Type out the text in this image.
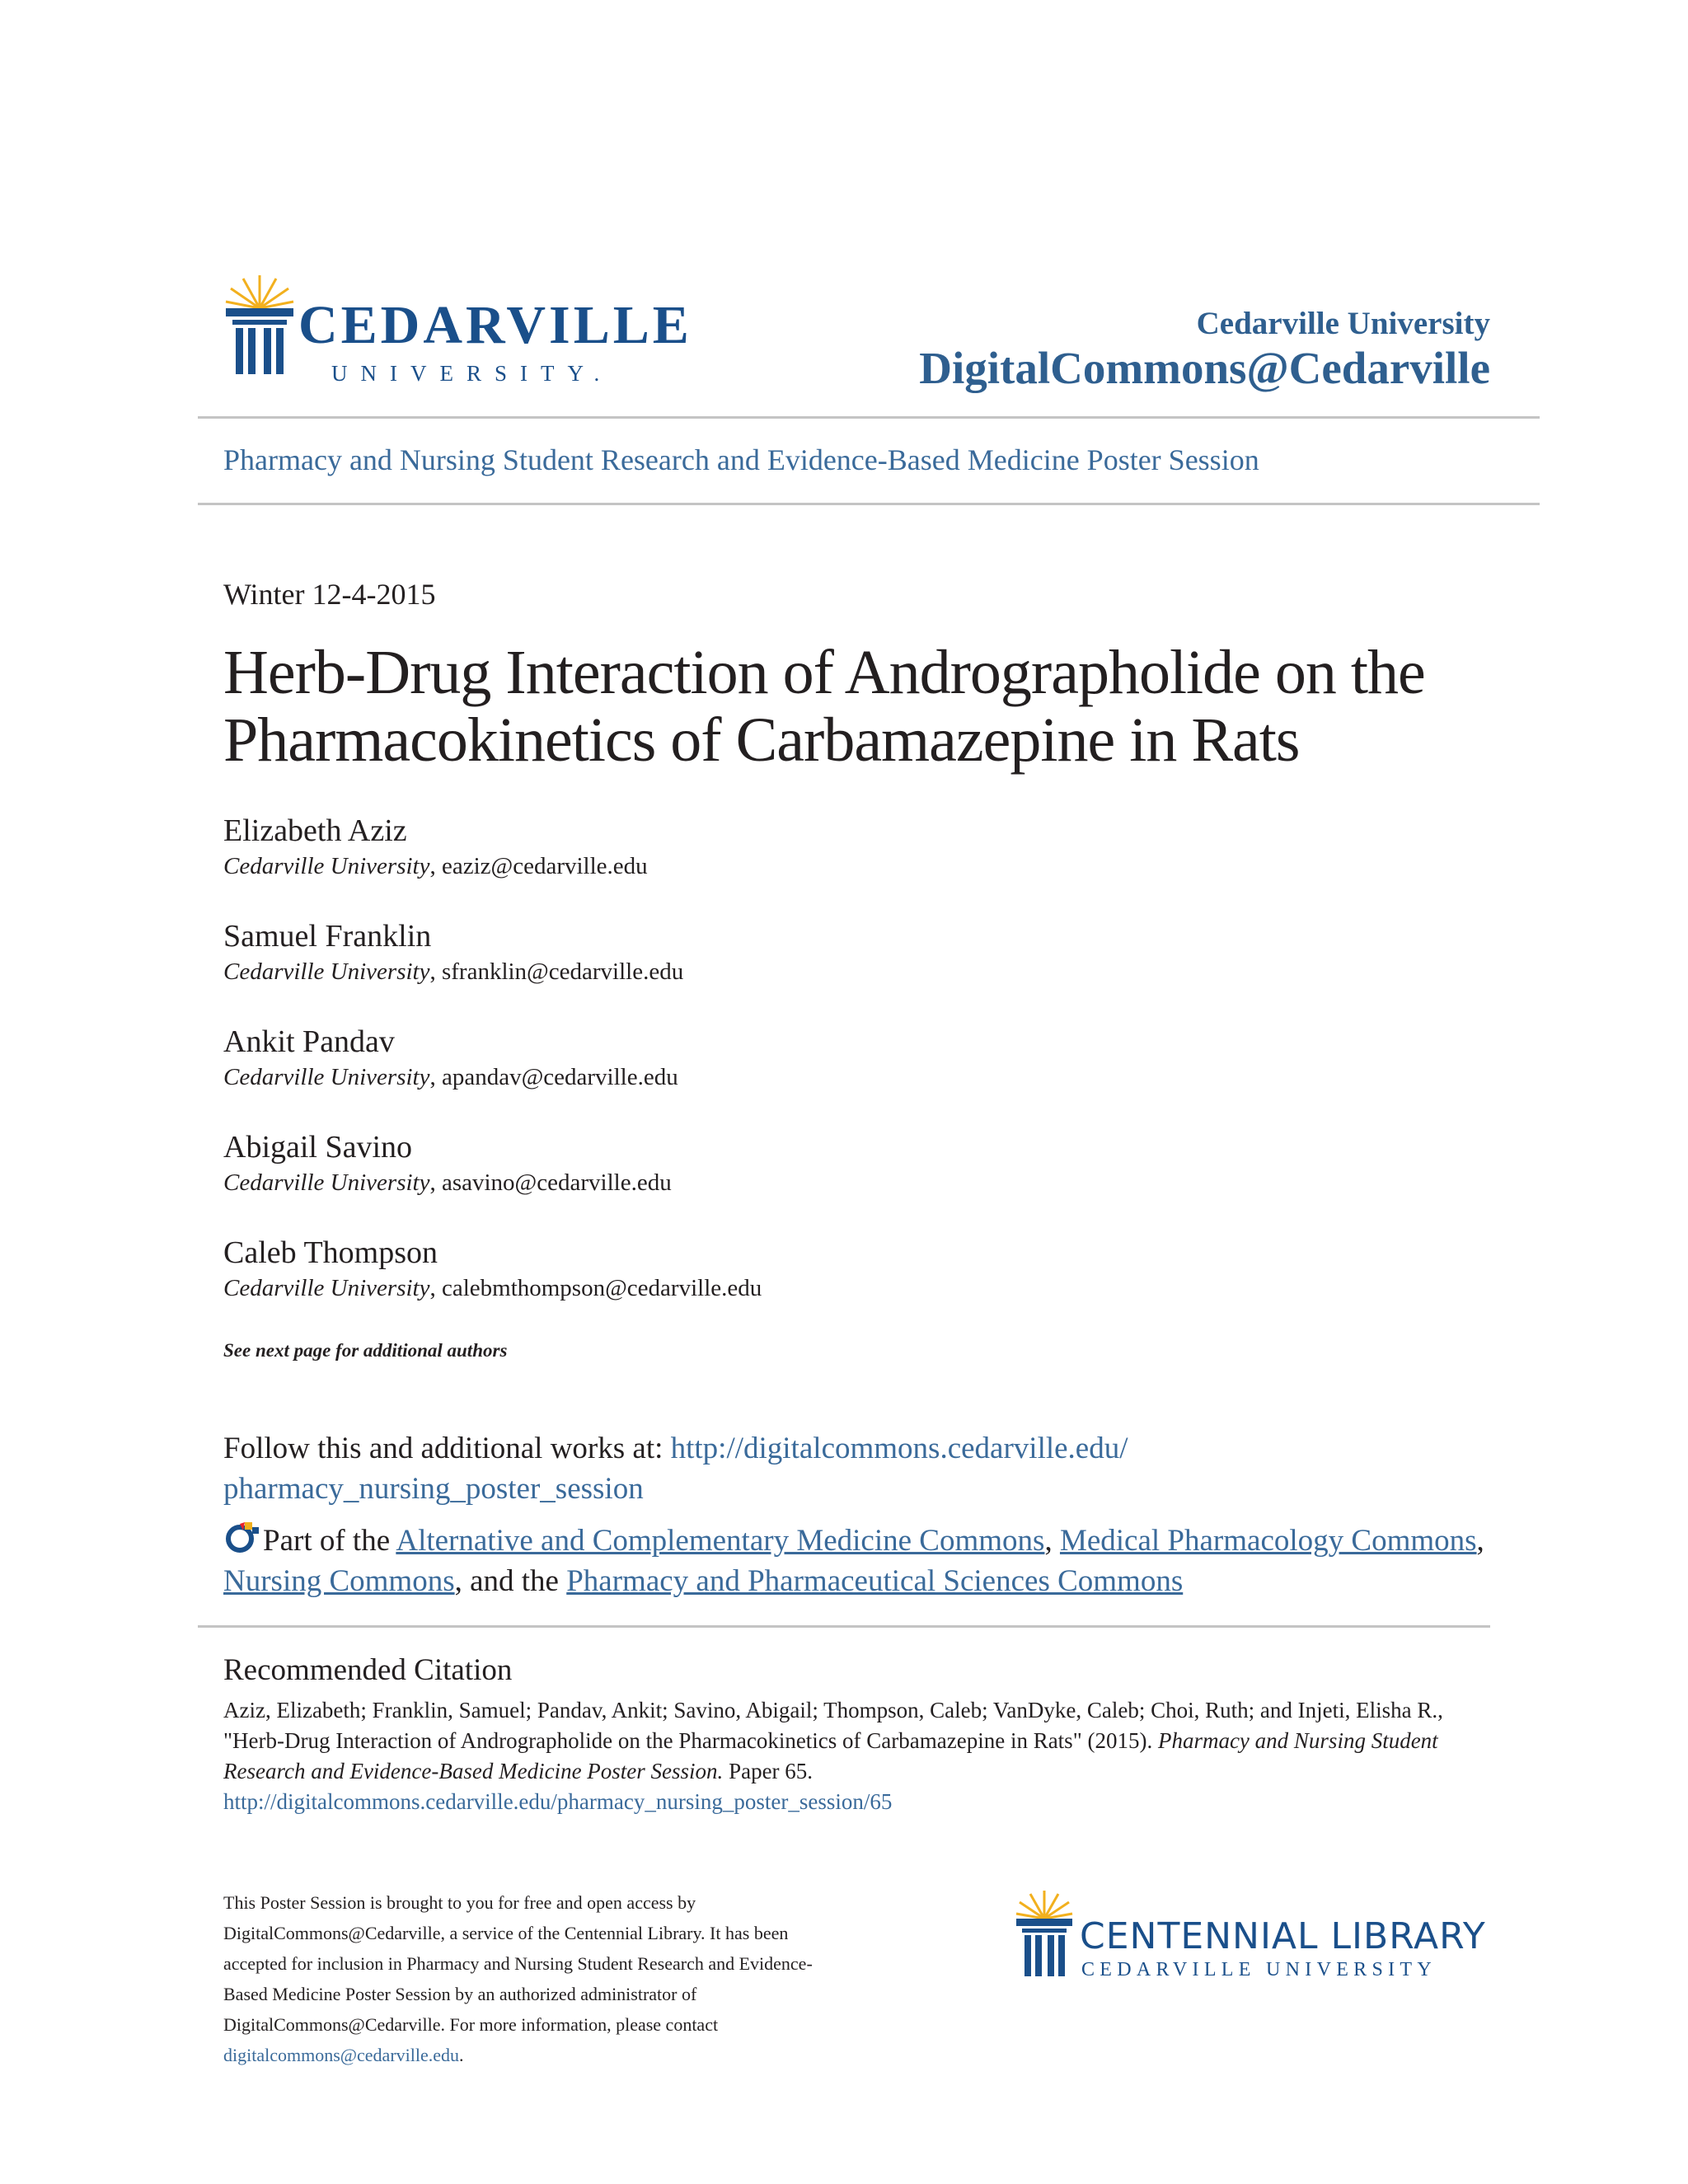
CEDARVILLE
UNIVERSITY.
Cedarville University
DigitalCommons@Cedarville
Pharmacy and Nursing Student Research and Evidence-Based Medicine Poster Session
Winter 12-4-2015
Herb-Drug Interaction of Andrographolide on the Pharmacokinetics of Carbamazepine in Rats
Elizabeth Aziz
Cedarville University, eaziz@cedarville.edu
Samuel Franklin
Cedarville University, sfranklin@cedarville.edu
Ankit Pandav
Cedarville University, apandav@cedarville.edu
Abigail Savino
Cedarville University, asavino@cedarville.edu
Caleb Thompson
Cedarville University, calebmthompson@cedarville.edu
See next page for additional authors
Follow this and additional works at: http://digitalcommons.cedarville.edu/
pharmacy_nursing_poster_session
Part of the Alternative and Complementary Medicine Commons, Medical Pharmacology Commons, Nursing Commons, and the Pharmacy and Pharmaceutical Sciences Commons
Recommended Citation
Aziz, Elizabeth; Franklin, Samuel; Pandav, Ankit; Savino, Abigail; Thompson, Caleb; VanDyke, Caleb; Choi, Ruth; and Injeti, Elisha R., "Herb-Drug Interaction of Andrographolide on the Pharmacokinetics of Carbamazepine in Rats" (2015). Pharmacy and Nursing Student Research and Evidence-Based Medicine Poster Session. Paper 65.
http://digitalcommons.cedarville.edu/pharmacy_nursing_poster_session/65
This Poster Session is brought to you for free and open access by DigitalCommons@Cedarville, a service of the Centennial Library. It has been accepted for inclusion in Pharmacy and Nursing Student Research and Evidence-Based Medicine Poster Session by an authorized administrator of DigitalCommons@Cedarville. For more information, please contact digitalcommons@cedarville.edu.
CENTENNIAL LIBRARY
CEDARVILLE UNIVERSITY
